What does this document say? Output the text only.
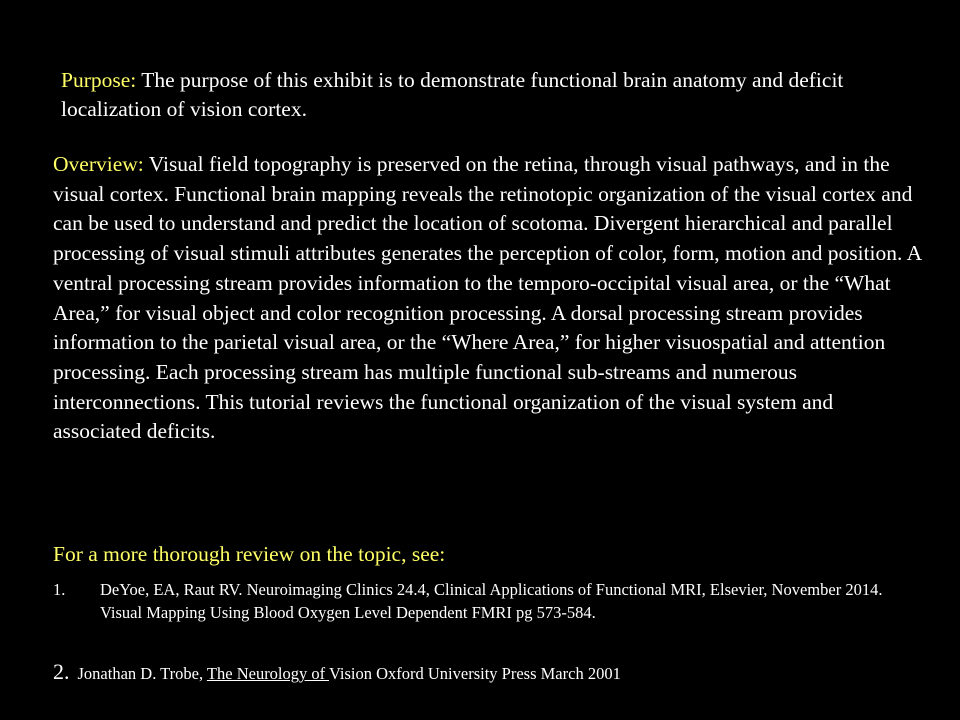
Purpose: The purpose of this exhibit is to demonstrate functional brain anatomy and deficit localization of vision cortex.
Overview: Visual field topography is preserved on the retina, through visual pathways, and in the visual cortex. Functional brain mapping reveals the retinotopic organization of the visual cortex and can be used to understand and predict the location of scotoma. Divergent hierarchical and parallel processing of visual stimuli attributes generates the perception of color, form, motion and position. A ventral processing stream provides information to the temporo-occipital visual area, or the “What Area,” for visual object and color recognition processing. A dorsal processing stream provides information to the parietal visual area, or the “Where Area,” for higher visuospatial and attention processing. Each processing stream has multiple functional sub-streams and numerous interconnections. This tutorial reviews the functional organization of the visual system and associated deficits.
For a more thorough review on the topic, see:
1. DeYoe, EA, Raut RV. Neuroimaging Clinics 24.4, Clinical Applications of Functional MRI, Elsevier, November 2014. Visual Mapping Using Blood Oxygen Level Dependent FMRI pg 573-584.
2. Jonathan D. Trobe, The Neurology of Vision Oxford University Press March 2001
